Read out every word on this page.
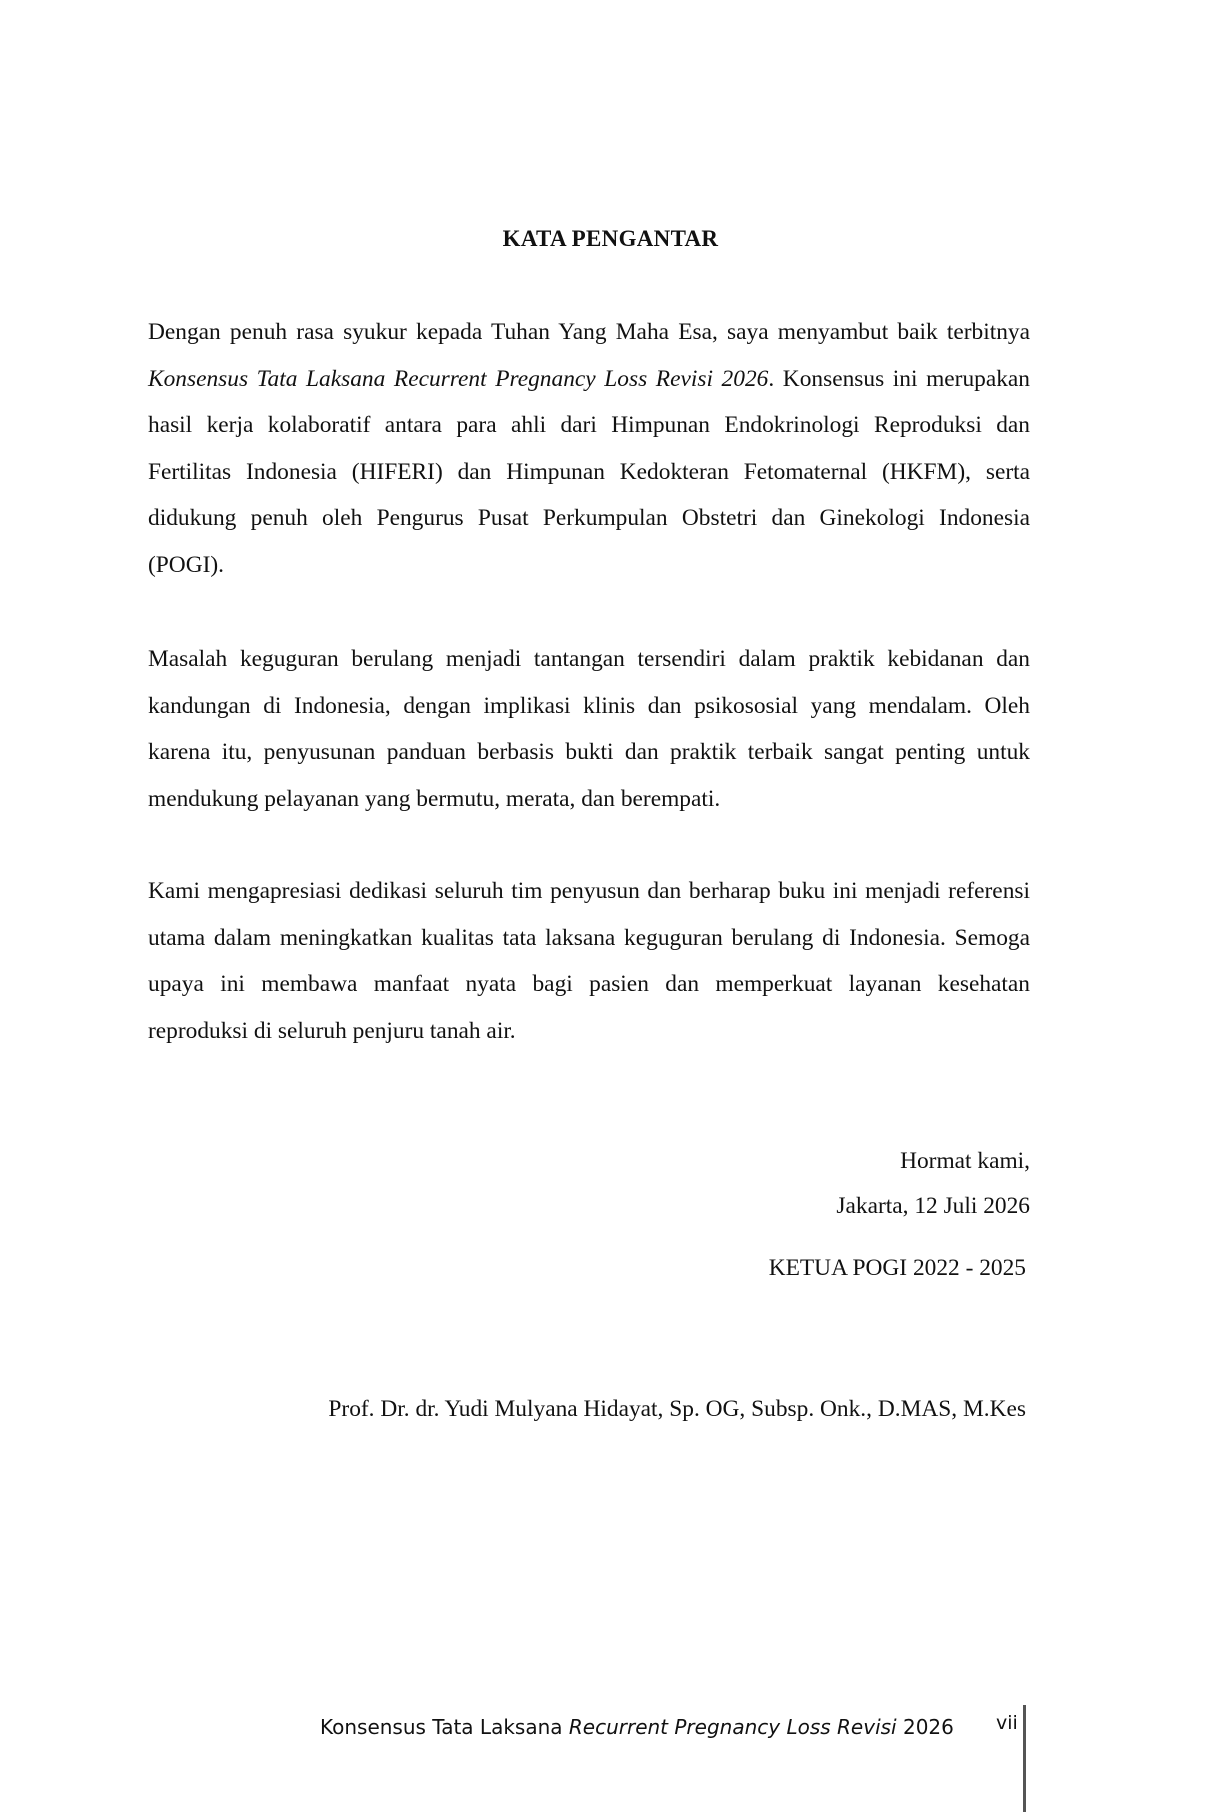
KATA PENGANTAR

Dengan penuh rasa syukur kepada Tuhan Yang Maha Esa, saya menyambut baik terbitnya Konsensus Tata Laksana Recurrent Pregnancy Loss Revisi 2026. Konsensus ini merupakan hasil kerja kolaboratif antara para ahli dari Himpunan Endokrinologi Reproduksi dan Fertilitas Indonesia (HIFERI) dan Himpunan Kedokteran Fetomaternal (HKFM), serta didukung penuh oleh Pengurus Pusat Perkumpulan Obstetri dan Ginekologi Indonesia (POGI).

Masalah keguguran berulang menjadi tantangan tersendiri dalam praktik kebidanan dan kandungan di Indonesia, dengan implikasi klinis dan psikososial yang mendalam. Oleh karena itu, penyusunan panduan berbasis bukti dan praktik terbaik sangat penting untuk mendukung pelayanan yang bermutu, merata, dan berempati.

Kami mengapresiasi dedikasi seluruh tim penyusun dan berharap buku ini menjadi referensi utama dalam meningkatkan kualitas tata laksana keguguran berulang di Indonesia. Semoga upaya ini membawa manfaat nyata bagi pasien dan memperkuat layanan kesehatan reproduksi di seluruh penjuru tanah air.

Hormat kami,
Jakarta, 12 Juli 2026
KETUA POGI 2022 - 2025
Prof. Dr. dr. Yudi Mulyana Hidayat, Sp. OG, Subsp. Onk., D.MAS, M.Kes
Konsensus Tata Laksana Recurrent Pregnancy Loss Revisi 2026 vii
